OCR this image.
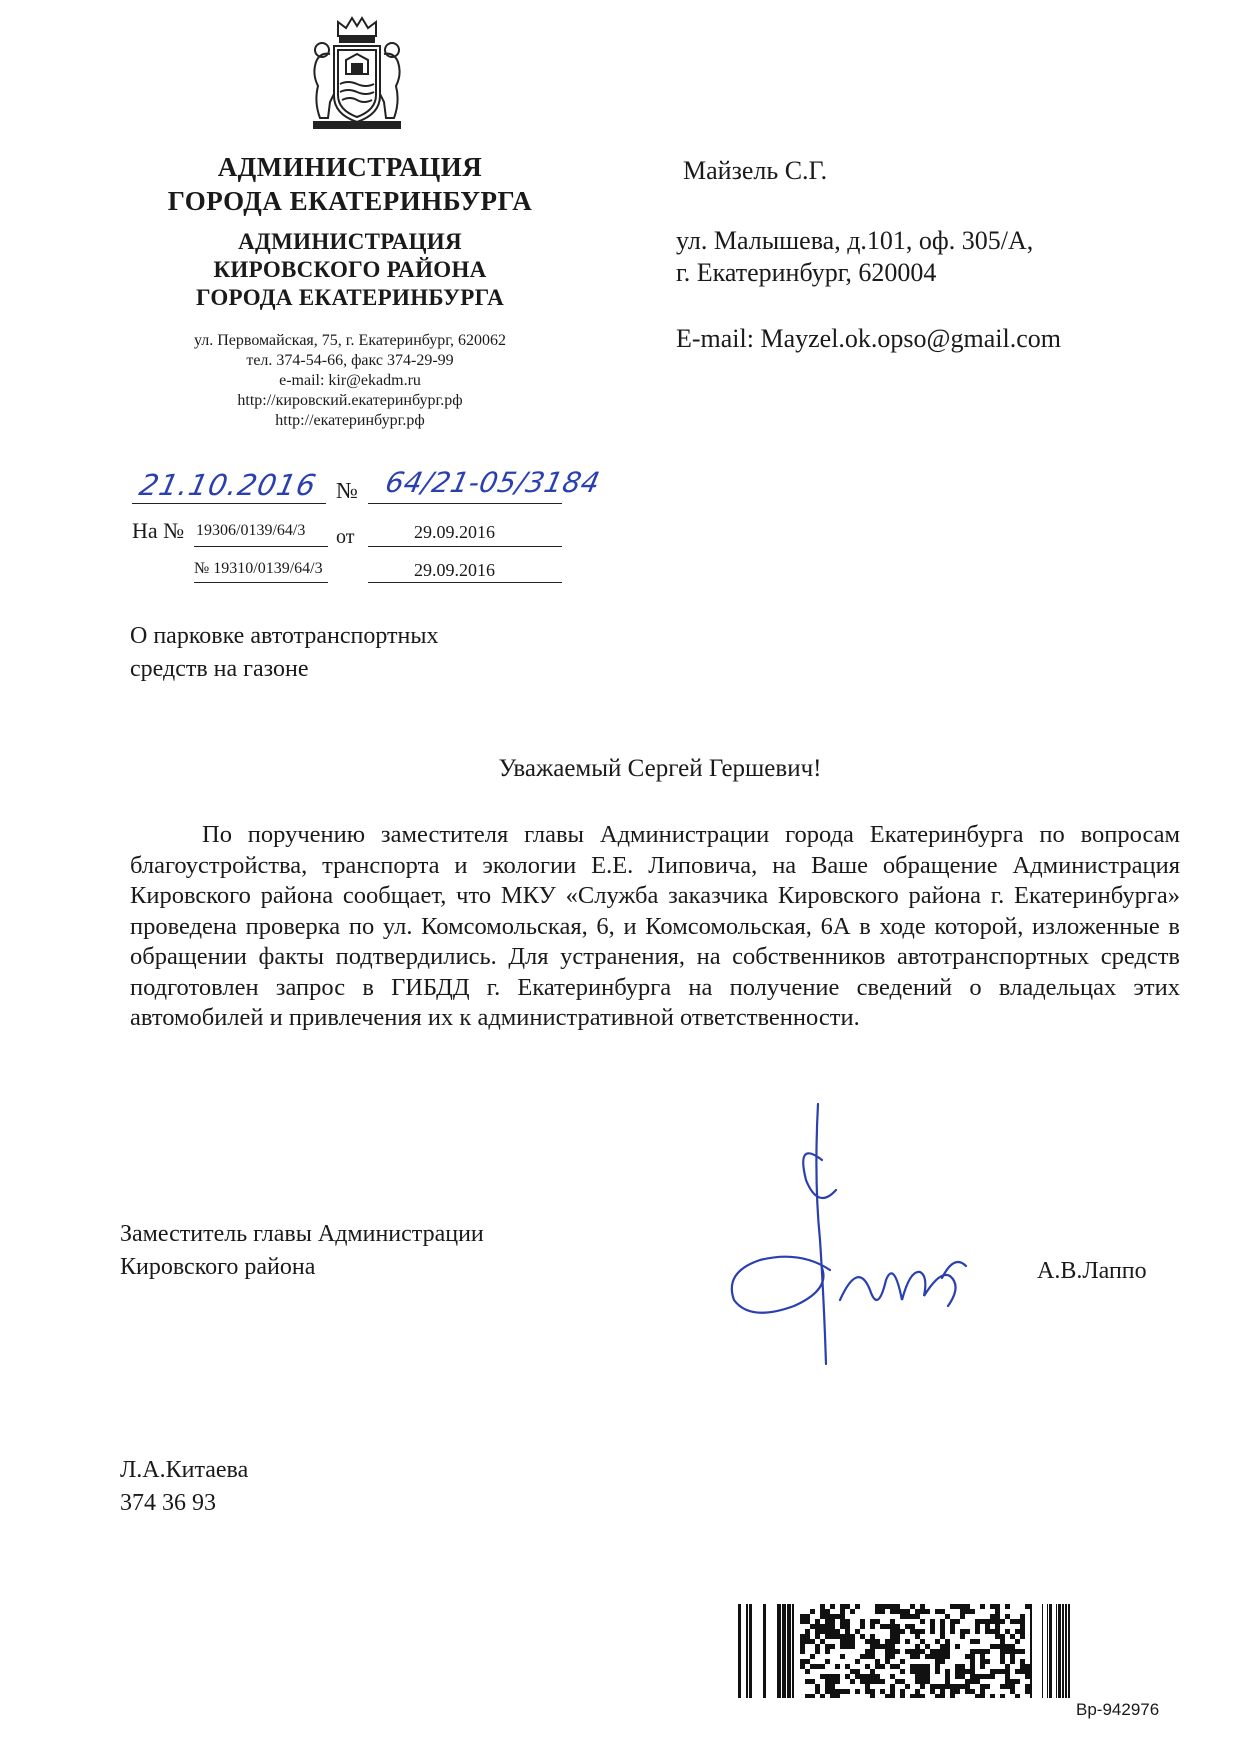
АДМИНИСТРАЦИЯ
ГОРОДА ЕКАТЕРИНБУРГА
АДМИНИСТРАЦИЯ
КИРОВСКОГО РАЙОНА
ГОРОДА ЕКАТЕРИНБУРГА
ул. Первомайская, 75, г. Екатеринбург, 620062
тел. 374-54-66, факс 374-29-99
e-mail: kir@ekadm.ru
http://кировский.екатеринбург.рф
http://екатеринбург.рф
21.10.2016 № 64/21-05/3184
На № 19306/0139/64/3 от	29.09.2016
№ 19310/0139/64/3	29.09.2016
О парковке автотранспортных
средств на газоне
Майзель С.Г.
ул. Малышева, д.101, оф. 305/А,
г. Екатеринбург, 620004
E-mail: Mayzel.ok.opso@gmail.com
Уважаемый Сергей Гершевич!
По поручению заместителя главы Администрации города Екатеринбурга по вопросам благоустройства, транспорта и экологии Е.Е. Липовича, на Ваше обращение Администрация Кировского района сообщает, что МКУ «Служба заказчика Кировского района г. Екатеринбурга» проведена проверка по ул. Комсомольская, 6, и Комсомольская, 6А в ходе которой, изложенные в обращении факты подтвердились. Для устранения, на собственников автотранспортных средств подготовлен запрос в ГИБДД г. Екатеринбурга на получение сведений о владельцах этих автомобилей и привлечения их к административной ответственности.
Заместитель главы Администрации
Кировского района	А.В.Лаппо
Л.А.Китаева
374 36 93
Вр-942976
